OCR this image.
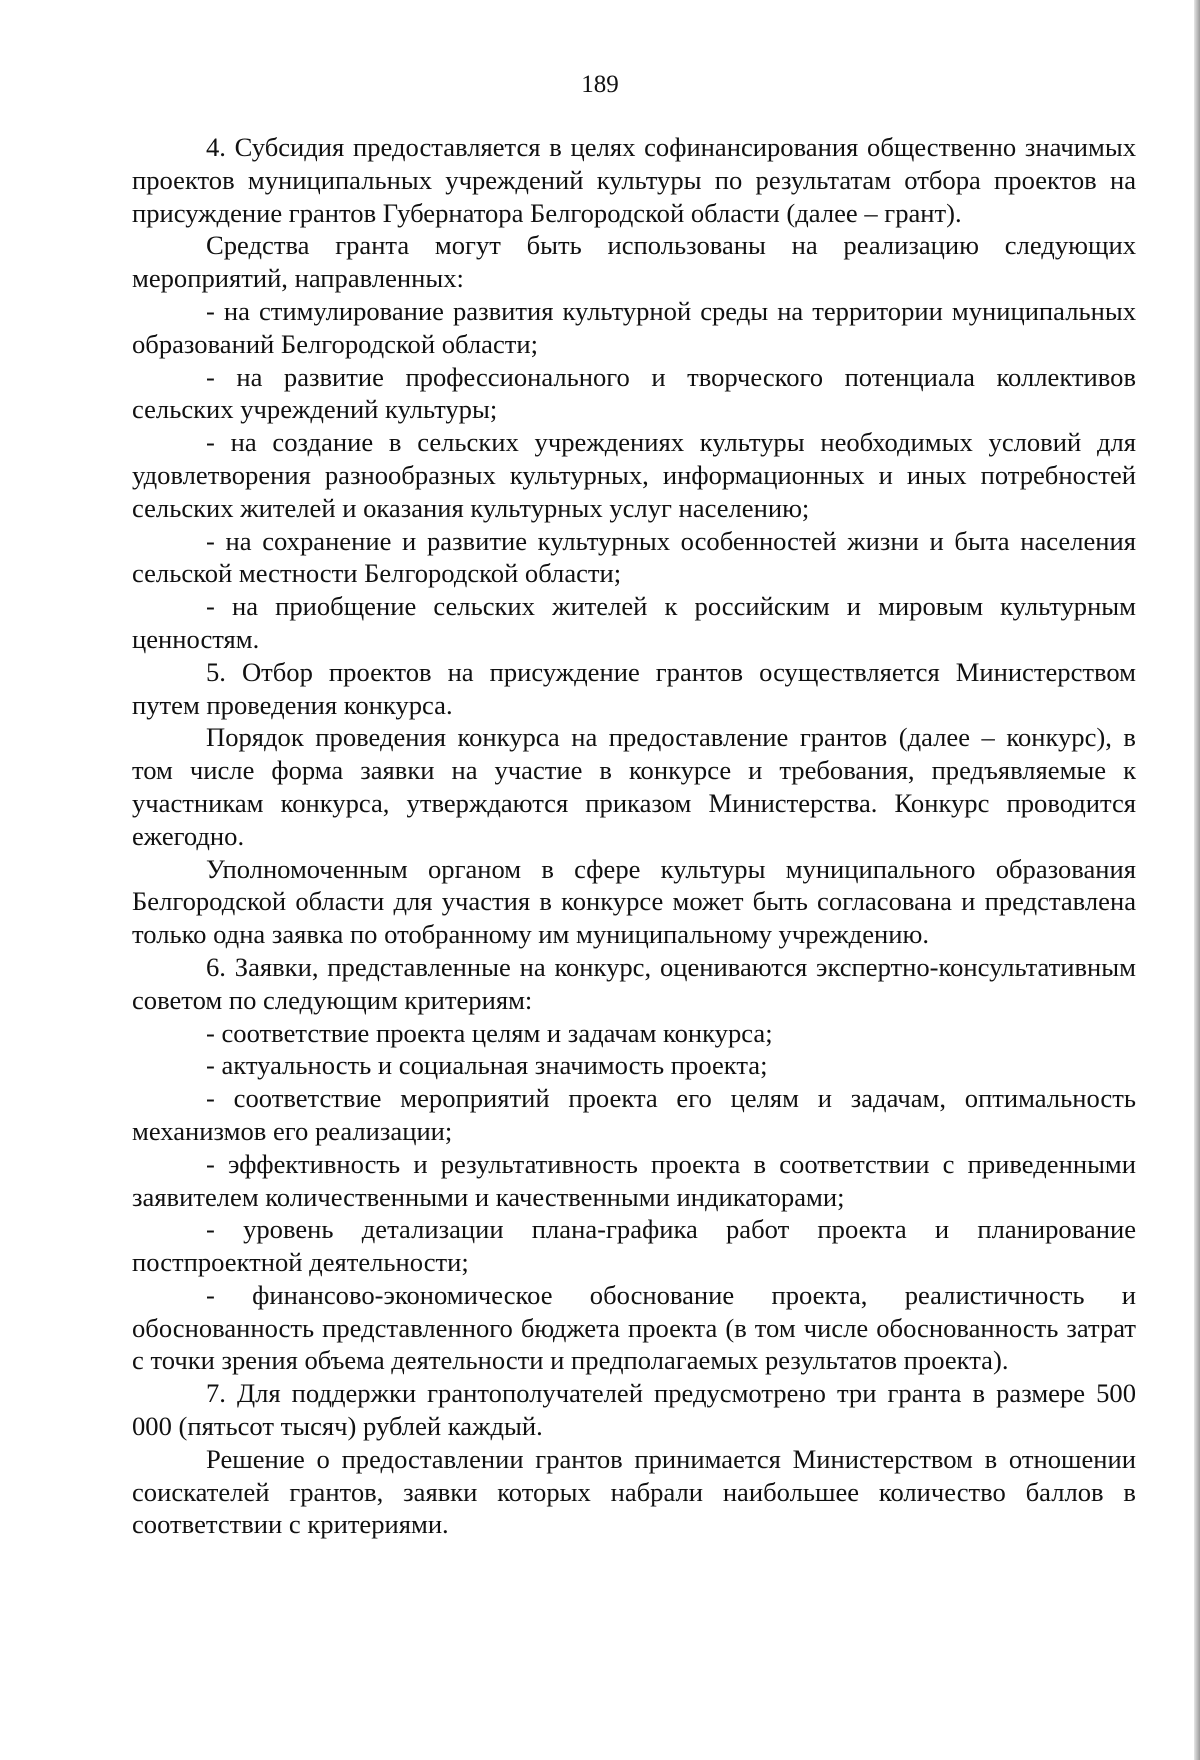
189

4. Субсидия предоставляется в целях софинансирования общественно значимых проектов муниципальных учреждений культуры по результатам отбора проектов на присуждение грантов Губернатора Белгородской области (далее – грант).

Средства гранта могут быть использованы на реализацию следующих мероприятий, направленных:

- на стимулирование развития культурной среды на территории муниципальных образований Белгородской области;

- на развитие профессионального и творческого потенциала коллективов сельских учреждений культуры;

- на создание в сельских учреждениях культуры необходимых условий для удовлетворения разнообразных культурных, информационных и иных потребностей сельских жителей и оказания культурных услуг населению;

- на сохранение и развитие культурных особенностей жизни и быта населения сельской местности Белгородской области;

- на приобщение сельских жителей к российским и мировым культурным ценностям.

5. Отбор проектов на присуждение грантов осуществляется Министерством путем проведения конкурса.

Порядок проведения конкурса на предоставление грантов (далее – конкурс), в том числе форма заявки на участие в конкурсе и требования, предъявляемые к участникам конкурса, утверждаются приказом Министерства. Конкурс проводится ежегодно.

Уполномоченным органом в сфере культуры муниципального образования Белгородской области для участия в конкурсе может быть согласована и представлена только одна заявка по отобранному им муниципальному учреждению.

6. Заявки, представленные на конкурс, оцениваются экспертно-консультативным советом по следующим критериям:

- соответствие проекта целям и задачам конкурса;

- актуальность и социальная значимость проекта;

- соответствие мероприятий проекта его целям и задачам, оптимальность механизмов его реализации;

- эффективность и результативность проекта в соответствии с приведенными заявителем количественными и качественными индикаторами;

- уровень детализации плана-графика работ проекта и планирование постпроектной деятельности;

- финансово-экономическое обоснование проекта, реалистичность и обоснованность представленного бюджета проекта (в том числе обоснованность затрат с точки зрения объема деятельности и предполагаемых результатов проекта).

7. Для поддержки грантополучателей предусмотрено три гранта в размере 500 000 (пятьсот тысяч) рублей каждый.

Решение о предоставлении грантов принимается Министерством в отношении соискателей грантов, заявки которых набрали наибольшее количество баллов в соответствии с критериями.
